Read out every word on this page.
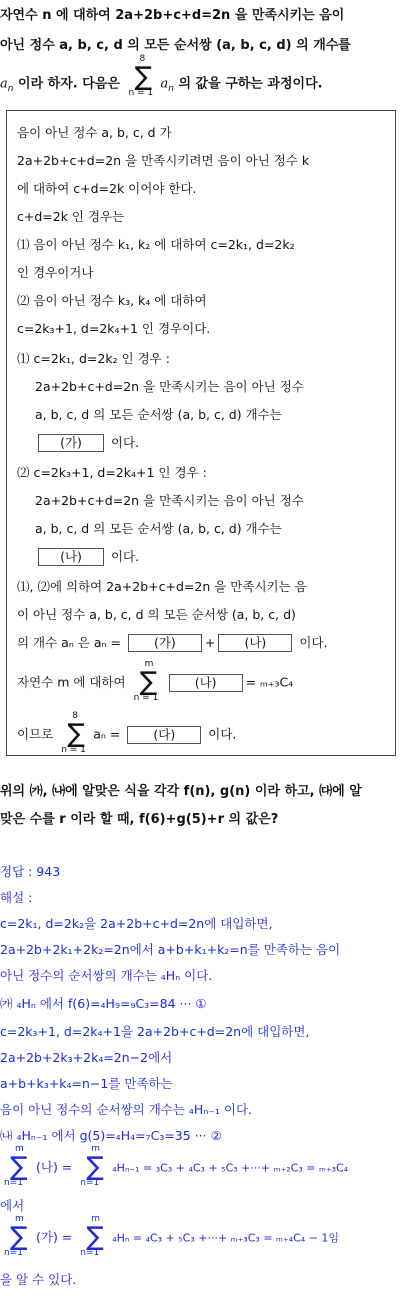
자연수 n 에 대하여 2a+2b+c+d=2n 을 만족시키는 음이
아닌 정수 a, b, c, d 의 모든 순서쌍 (a, b, c, d) 의 개수를
$a_n$ 이라 하자. 다음은
8
∑
n = 1
$a_n$ 의 값을 구하는 과정이다.
음이 아닌 정수 a, b, c, d 가
2a+2b+c+d=2n 을 만족시키려면 음이 아닌 정수 k
에 대하여 c+d=2k 이어야 한다.
c+d=2k 인 경우는
⑴ 음이 아닌 정수 k₁, k₂ 에 대하여 c=2k₁, d=2k₂
인 경우이거나
⑵ 음이 아닌 정수 k₃, k₄ 에 대하여
c=2k₃+1, d=2k₄+1 인 경우이다.
⑴ c=2k₁, d=2k₂ 인 경우 :
2a+2b+c+d=2n 을 만족시키는 음이 아닌 정수
a, b, c, d 의 모든 순서쌍 (a, b, c, d) 개수는
(가) 이다.
⑵ c=2k₃+1, d=2k₄+1 인 경우 :
2a+2b+c+d=2n 을 만족시키는 음이 아닌 정수
a, b, c, d 의 모든 순서쌍 (a, b, c, d) 개수는
(나) 이다.
⑴, ⑵에 의하여 2a+2b+c+d=2n 을 만족시키는 음
이 아닌 정수 a, b, c, d 의 모든 순서쌍 (a, b, c, d)
의 개수 aₙ 은 aₙ =	(가) + (나)	이다.
자연수 m 에 대하여
m
∑
n = 1
(나) = ₘ₊₃C₄
이므로
8
∑
n = 1
aₙ =	(다)	이다.
위의 ㈎, ㈏에 알맞은 식을 각각 f(n), g(n) 이라 하고, ㈐에 알
맞은 수를 r 이라 할 때, f(6)+g(5)+r 의 값은?
정답 : 943
해설 :
c=2k₁, d=2k₂을 2a+2b+c+d=2n에 대입하면,
2a+2b+2k₁+2k₂=2n에서 a+b+k₁+k₂=n를 만족하는 음이
아닌 정수의 순서쌍의 개수는 ₄Hₙ 이다.
㈎ ₄Hₙ 에서 f(6)=₄H₉=₉C₃=84 ··· ①
c=2k₃+1, d=2k₄+1을 2a+2b+c+d=2n에 대입하면,
2a+2b+2k₃+2k₄=2n−2에서
a+b+k₃+k₄=n−1를 만족하는
음이 아닌 정수의 순서쌍의 개수는 ₄Hₙ₋₁ 이다.
㈏ ₄Hₙ₋₁ 에서 g(5)=₄H₄=₇C₃=35 ··· ②
m
∑
n=1
(나) =
m
∑
n=1
₄Hₙ₋₁ = ₃C₃ + ₄C₃ + ₅C₃ +···+ ₘ₊₂C₃ = ₘ₊₃C₄
에서
m
∑
n=1
(가) =
m
∑
n=1
₄Hₙ = ₄C₃ + ₅C₃ +···+ ₘ₊₃C₃ = ₘ₊₄C₄ − 1임
을 알 수 있다.
